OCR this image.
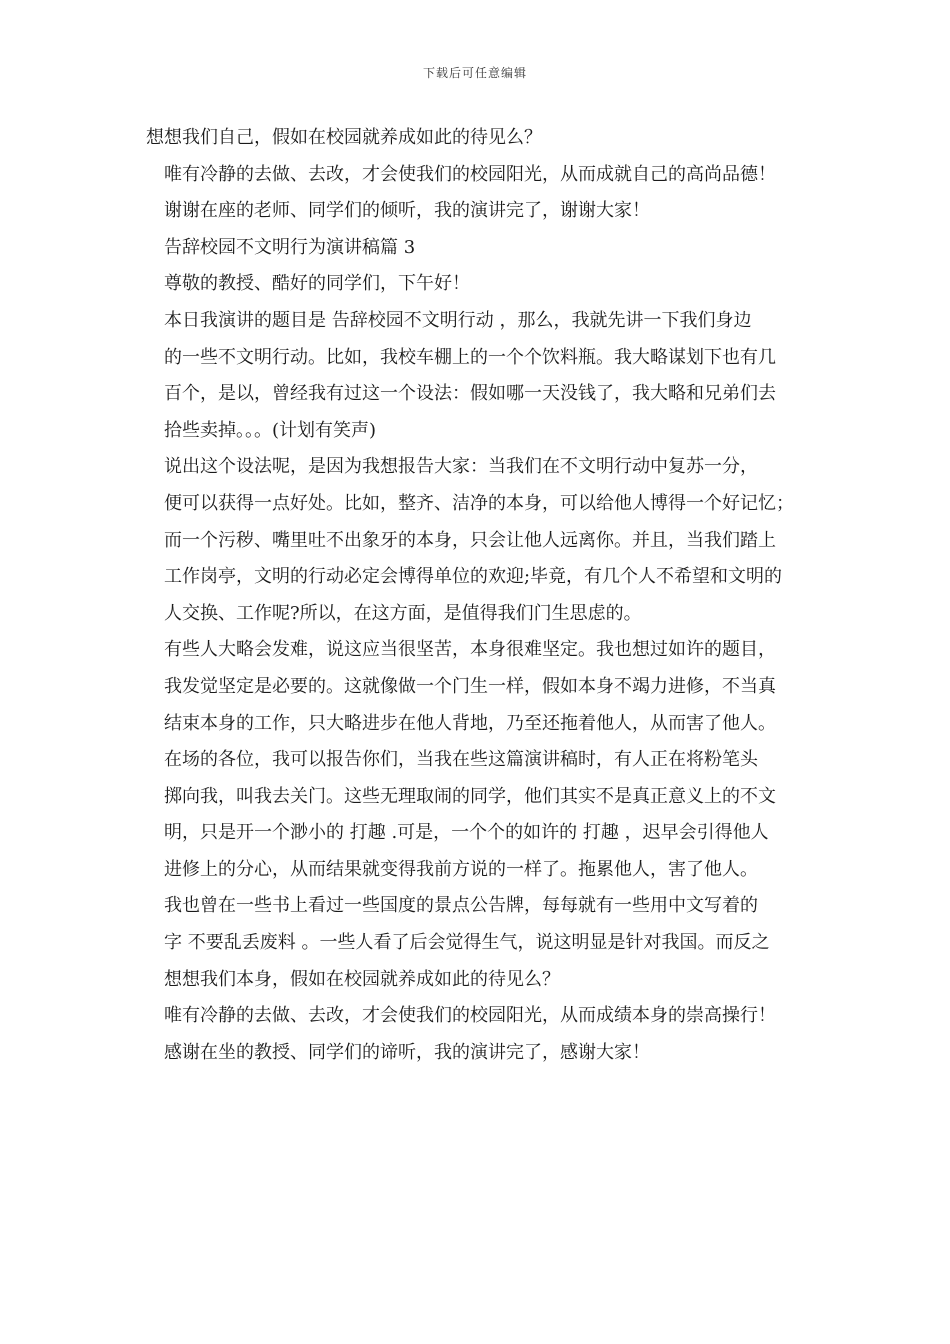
下载后可任意编辑
想想我们自己，假如在校园就养成如此的待见么？
唯有冷静的去做、去改，才会使我们的校园阳光，从而成就自己的高尚品德！
谢谢在座的老师、同学们的倾听，我的演讲完了，谢谢大家！
告辞校园不文明行为演讲稿篇 3
尊敬的教授、酷好的同学们，下午好！
本日我演讲的题目是 告辞校园不文明行动 ，那么，我就先讲一下我们身边
的一些不文明行动。比如，我校车棚上的一个个饮料瓶。我大略谋划下也有几
百个，是以，曾经我有过这一个设法：假如哪一天没钱了，我大略和兄弟们去
拾些卖掉。。。(计划有笑声)
说出这个设法呢，是因为我想报告大家：当我们在不文明行动中复苏一分，
便可以获得一点好处。比如，整齐、洁净的本身，可以给他人博得一个好记忆；
而一个污秽、嘴里吐不出象牙的本身，只会让他人远离你。并且，当我们踏上
工作岗亭，文明的行动必定会博得单位的欢迎;毕竟，有几个人不希望和文明的
人交换、工作呢?所以，在这方面，是值得我们门生思虑的。
有些人大略会发难，说这应当很坚苦，本身很难坚定。我也想过如许的题目，
我发觉坚定是必要的。这就像做一个门生一样，假如本身不竭力进修，不当真
结束本身的工作，只大略进步在他人背地，乃至还拖着他人，从而害了他人。
在场的各位，我可以报告你们，当我在些这篇演讲稿时，有人正在将粉笔头
掷向我，叫我去关门。这些无理取闹的同学，他们其实不是真正意义上的不文
明，只是开一个渺小的 打趣 .可是，一个个的如许的 打趣 ，迟早会引得他人
进修上的分心，从而结果就变得我前方说的一样了。拖累他人，害了他人。
我也曾在一些书上看过一些国度的景点公告牌，每每就有一些用中文写着的
字 不要乱丢废料 。一些人看了后会觉得生气，说这明显是针对我国。而反之
想想我们本身，假如在校园就养成如此的待见么？
唯有冷静的去做、去改，才会使我们的校园阳光，从而成绩本身的崇高操行！
感谢在坐的教授、同学们的谛听，我的演讲完了，感谢大家！
